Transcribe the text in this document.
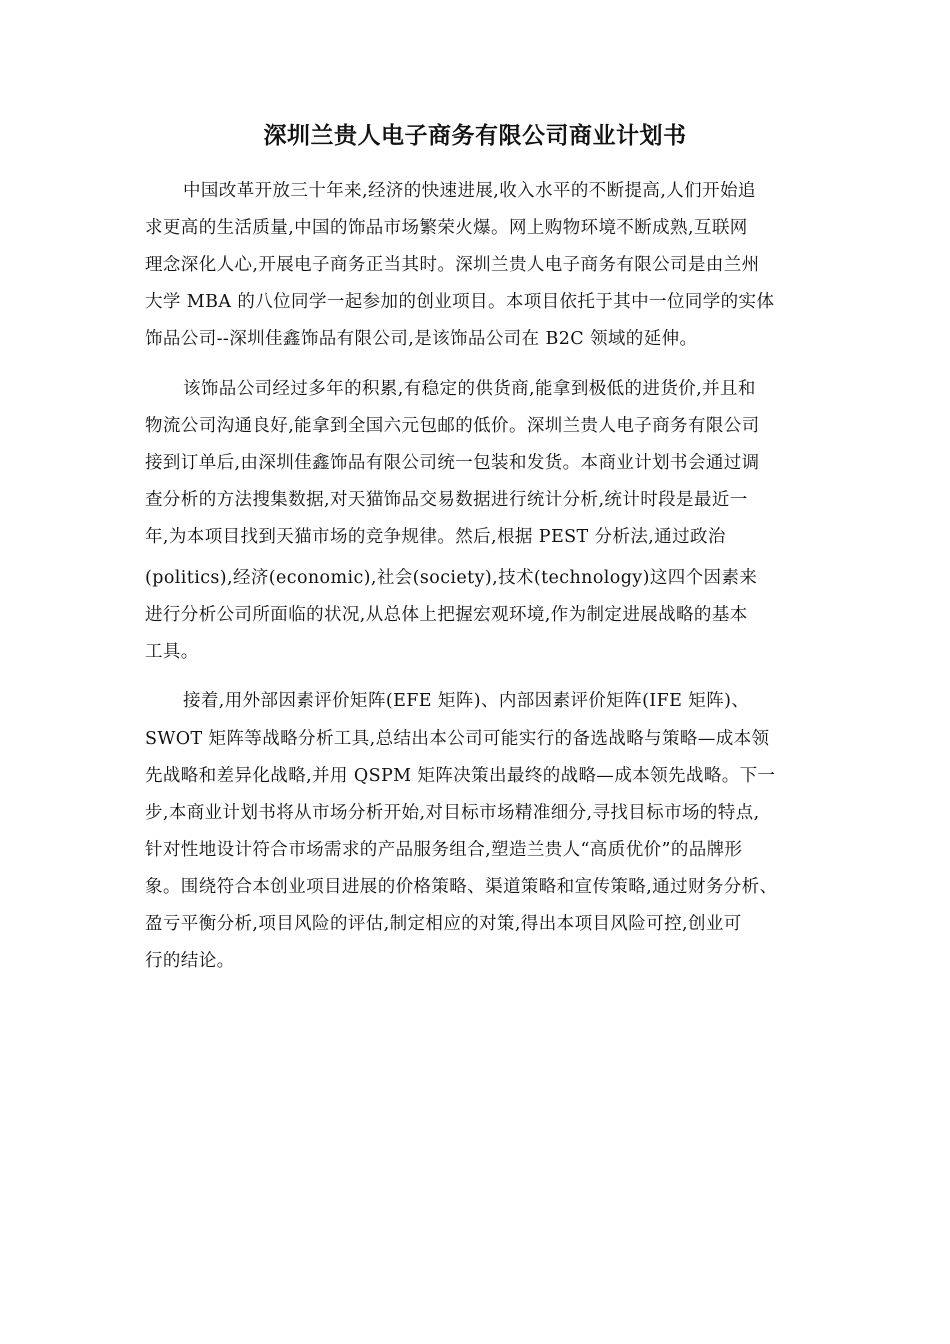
深圳兰贵人电子商务有限公司商业计划书
中国改革开放三十年来,经济的快速进展,收入水平的不断提高,人们开始追
求更高的生活质量,中国的饰品市场繁荣火爆。网上购物环境不断成熟,互联网
理念深化人心,开展电子商务正当其时。深圳兰贵人电子商务有限公司是由兰州
大学 MBA 的八位同学一起参加的创业项目。本项目依托于其中一位同学的实体
饰品公司--深圳佳鑫饰品有限公司,是该饰品公司在 B2C 领域的延伸。
该饰品公司经过多年的积累,有稳定的供货商,能拿到极低的进货价,并且和
物流公司沟通良好,能拿到全国六元包邮的低价。深圳兰贵人电子商务有限公司
接到订单后,由深圳佳鑫饰品有限公司统一包装和发货。本商业计划书会通过调
查分析的方法搜集数据,对天猫饰品交易数据进行统计分析,统计时段是最近一
年,为本项目找到天猫市场的竞争规律。然后,根据 PEST 分析法,通过政治
(politics),经济(economic),社会(society),技术(technology)这四个因素来
进行分析公司所面临的状况,从总体上把握宏观环境,作为制定进展战略的基本
工具。
接着,用外部因素评价矩阵(EFE 矩阵)、内部因素评价矩阵(IFE 矩阵)、
SWOT 矩阵等战略分析工具,总结出本公司可能实行的备选战略与策略—成本领
先战略和差异化战略,并用 QSPM 矩阵决策出最终的战略—成本领先战略。下一
步,本商业计划书将从市场分析开始,对目标市场精准细分,寻找目标市场的特点,
针对性地设计符合市场需求的产品服务组合,塑造兰贵人“高质优价”的品牌形
象。围绕符合本创业项目进展的价格策略、渠道策略和宣传策略,通过财务分析、
盈亏平衡分析,项目风险的评估,制定相应的对策,得出本项目风险可控,创业可
行的结论。
